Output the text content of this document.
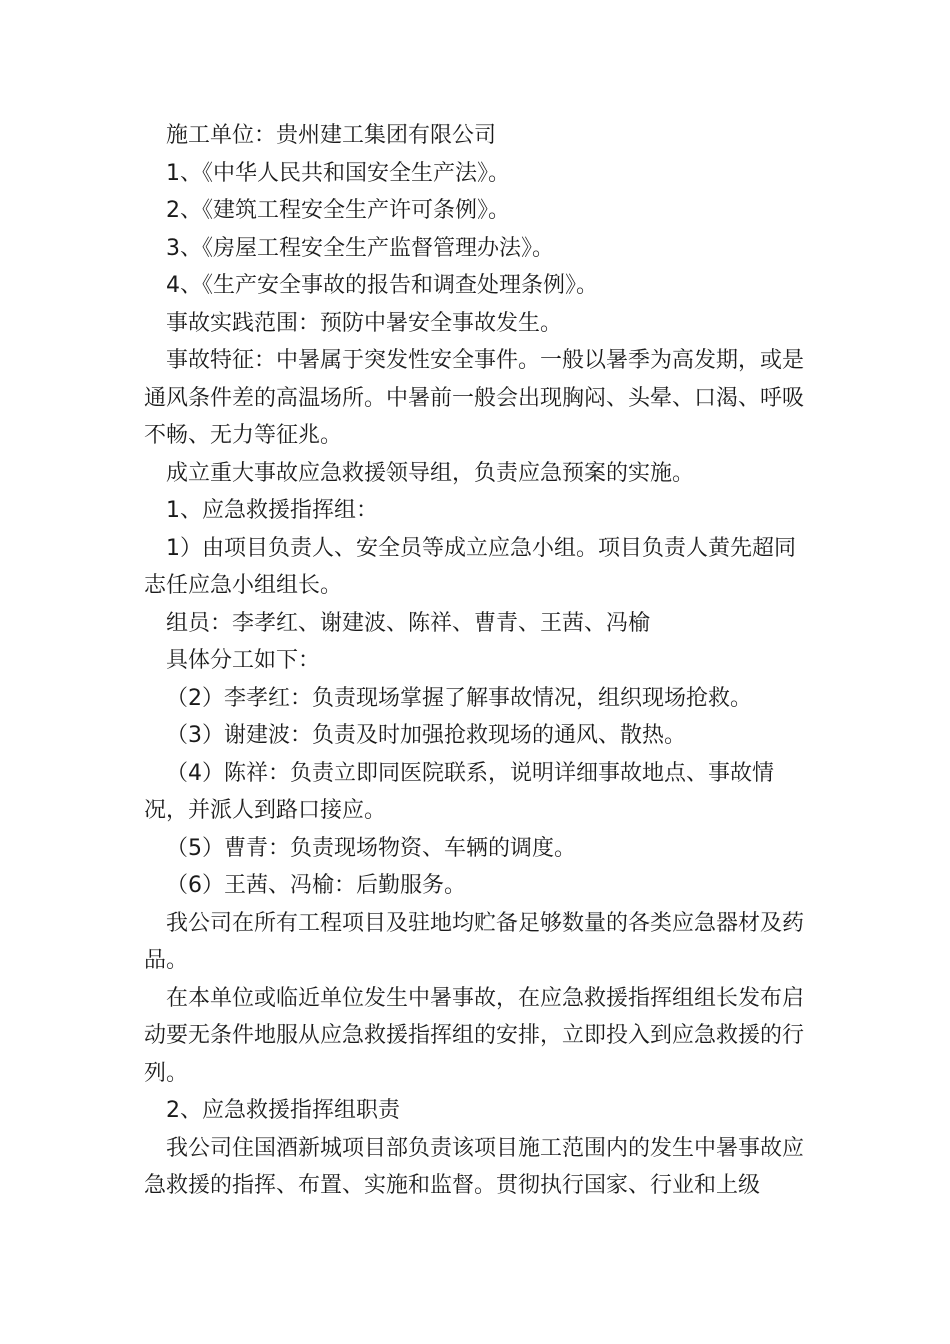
施工单位：贵州建工集团有限公司

1、《中华人民共和国安全生产法》。

2、《建筑工程安全生产许可条例》。

3、《房屋工程安全生产监督管理办法》。

4、《生产安全事故的报告和调查处理条例》。

事故实践范围：预防中暑安全事故发生。

事故特征：中暑属于突发性安全事件。一般以暑季为高发期，或是通风条件差的高温场所。中暑前一般会出现胸闷、头晕、口渴、呼吸不畅、无力等征兆。

成立重大事故应急救援领导组，负责应急预案的实施。

1、应急救援指挥组：

1）由项目负责人、安全员等成立应急小组。项目负责人黄先超同志任应急小组组长。

组员：李孝红、谢建波、陈祥、曹青、王茜、冯榆

具体分工如下：

（2）李孝红：负责现场掌握了解事故情况，组织现场抢救。

（3）谢建波：负责及时加强抢救现场的通风、散热。

（4）陈祥：负责立即同医院联系，说明详细事故地点、事故情况，并派人到路口接应。

（5）曹青：负责现场物资、车辆的调度。

（6）王茜、冯榆：后勤服务。

我公司在所有工程项目及驻地均贮备足够数量的各类应急器材及药品。

在本单位或临近单位发生中暑事故，在应急救援指挥组组长发布启动要无条件地服从应急救援指挥组的安排，立即投入到应急救援的行列。

2、应急救援指挥组职责

我公司住国酒新城项目部负责该项目施工范围内的发生中暑事故应急救援的指挥、布置、实施和监督。贯彻执行国家、行业和上级
